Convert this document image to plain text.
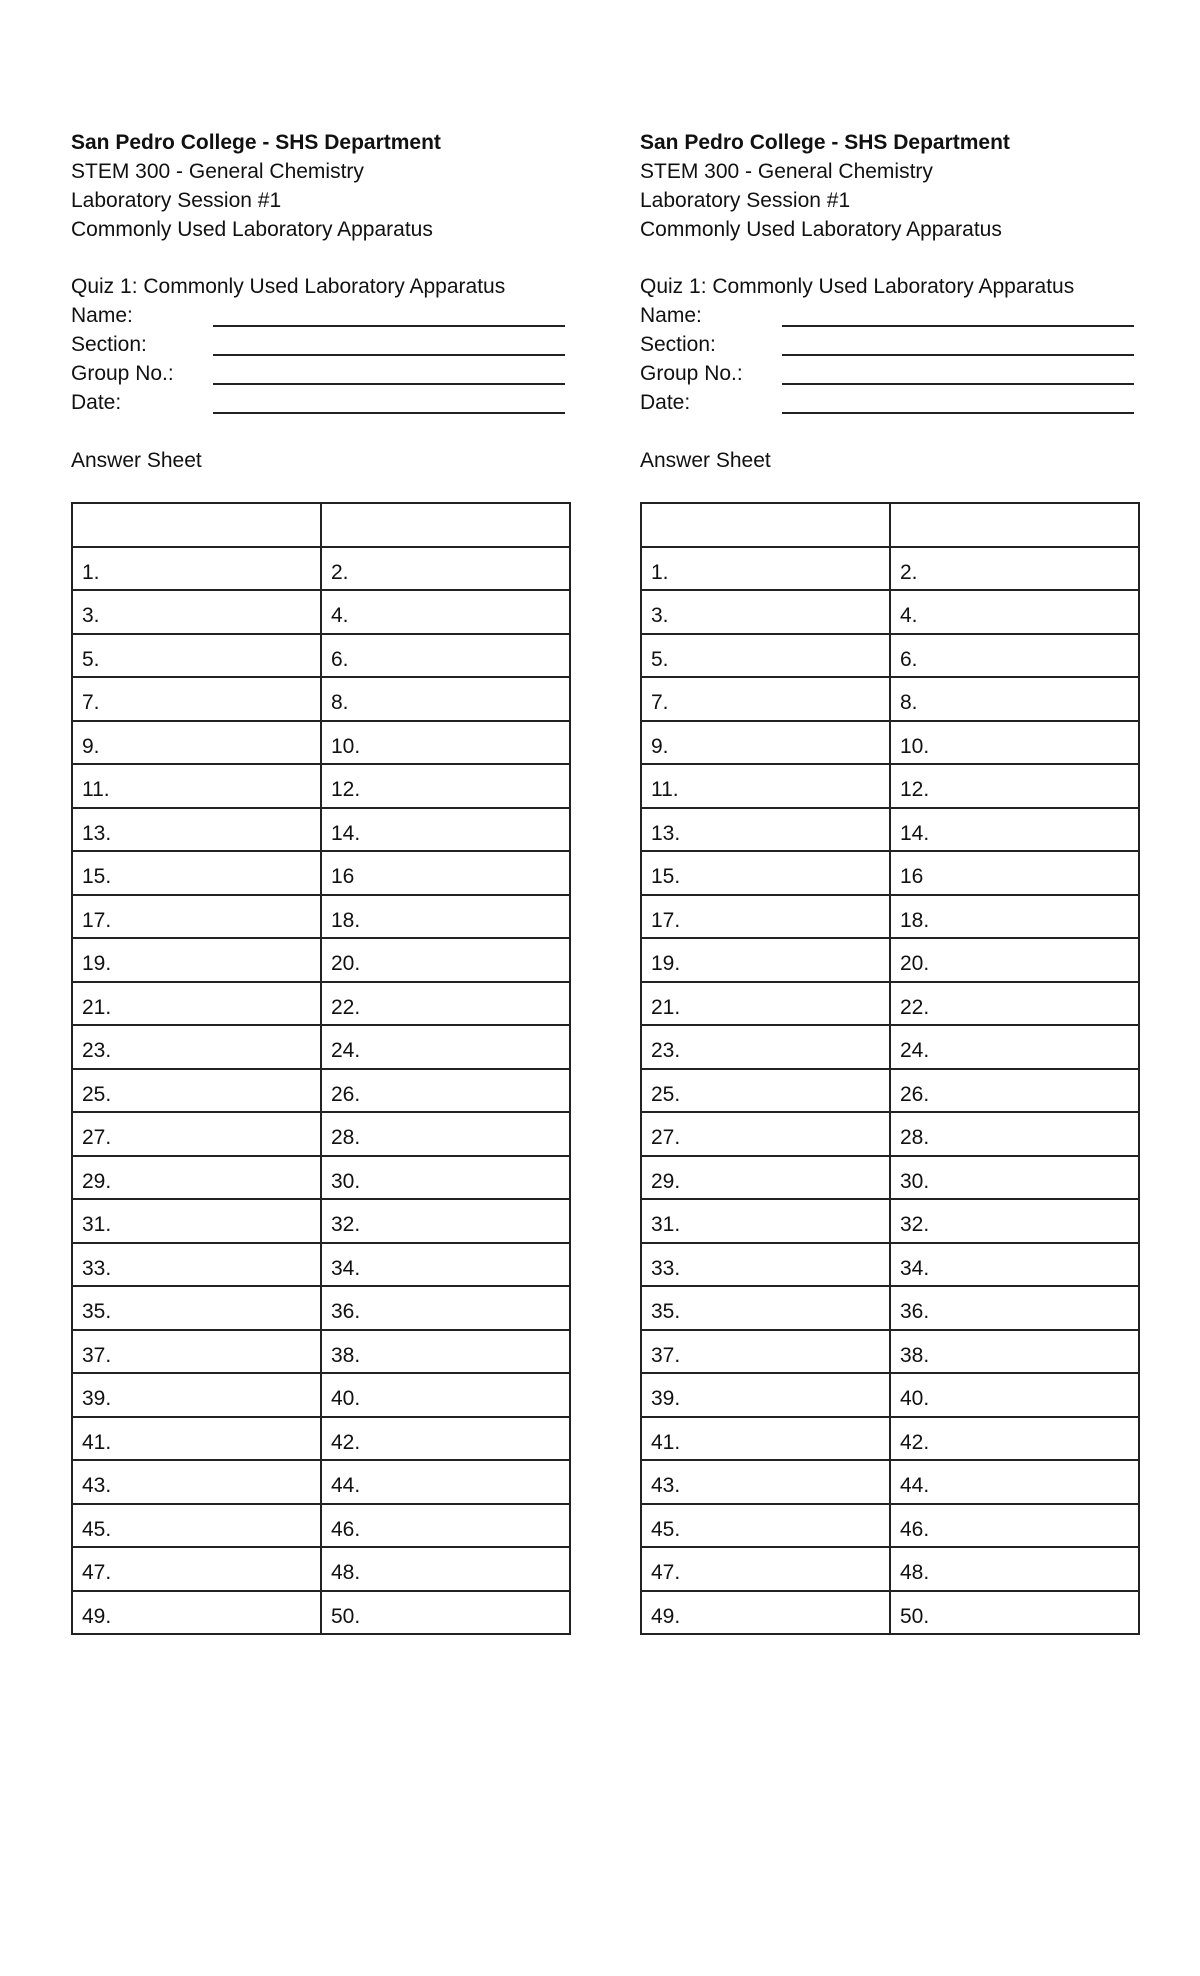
San Pedro College - SHS Department
STEM 300 - General Chemistry
Laboratory Session #1
Commonly Used Laboratory Apparatus
Quiz 1: Commonly Used Laboratory Apparatus
Name:
Section:
Group No.:
Date:
Answer Sheet

1.	2.
3.	4.
5.	6.
7.	8.
9.	10.
11.	12.
13.	14.
15.	16
17.	18.
19.	20.
21.	22.
23.	24.
25.	26.
27.	28.
29.	30.
31.	32.
33.	34.
35.	36.
37.	38.
39.	40.
41.	42.
43.	44.
45.	46.
47.	48.
49.	50.
San Pedro College - SHS Department
STEM 300 - General Chemistry
Laboratory Session #1
Commonly Used Laboratory Apparatus
Quiz 1: Commonly Used Laboratory Apparatus
Name:
Section:
Group No.:
Date:
Answer Sheet

1.	2.
3.	4.
5.	6.
7.	8.
9.	10.
11.	12.
13.	14.
15.	16
17.	18.
19.	20.
21.	22.
23.	24.
25.	26.
27.	28.
29.	30.
31.	32.
33.	34.
35.	36.
37.	38.
39.	40.
41.	42.
43.	44.
45.	46.
47.	48.
49.	50.
